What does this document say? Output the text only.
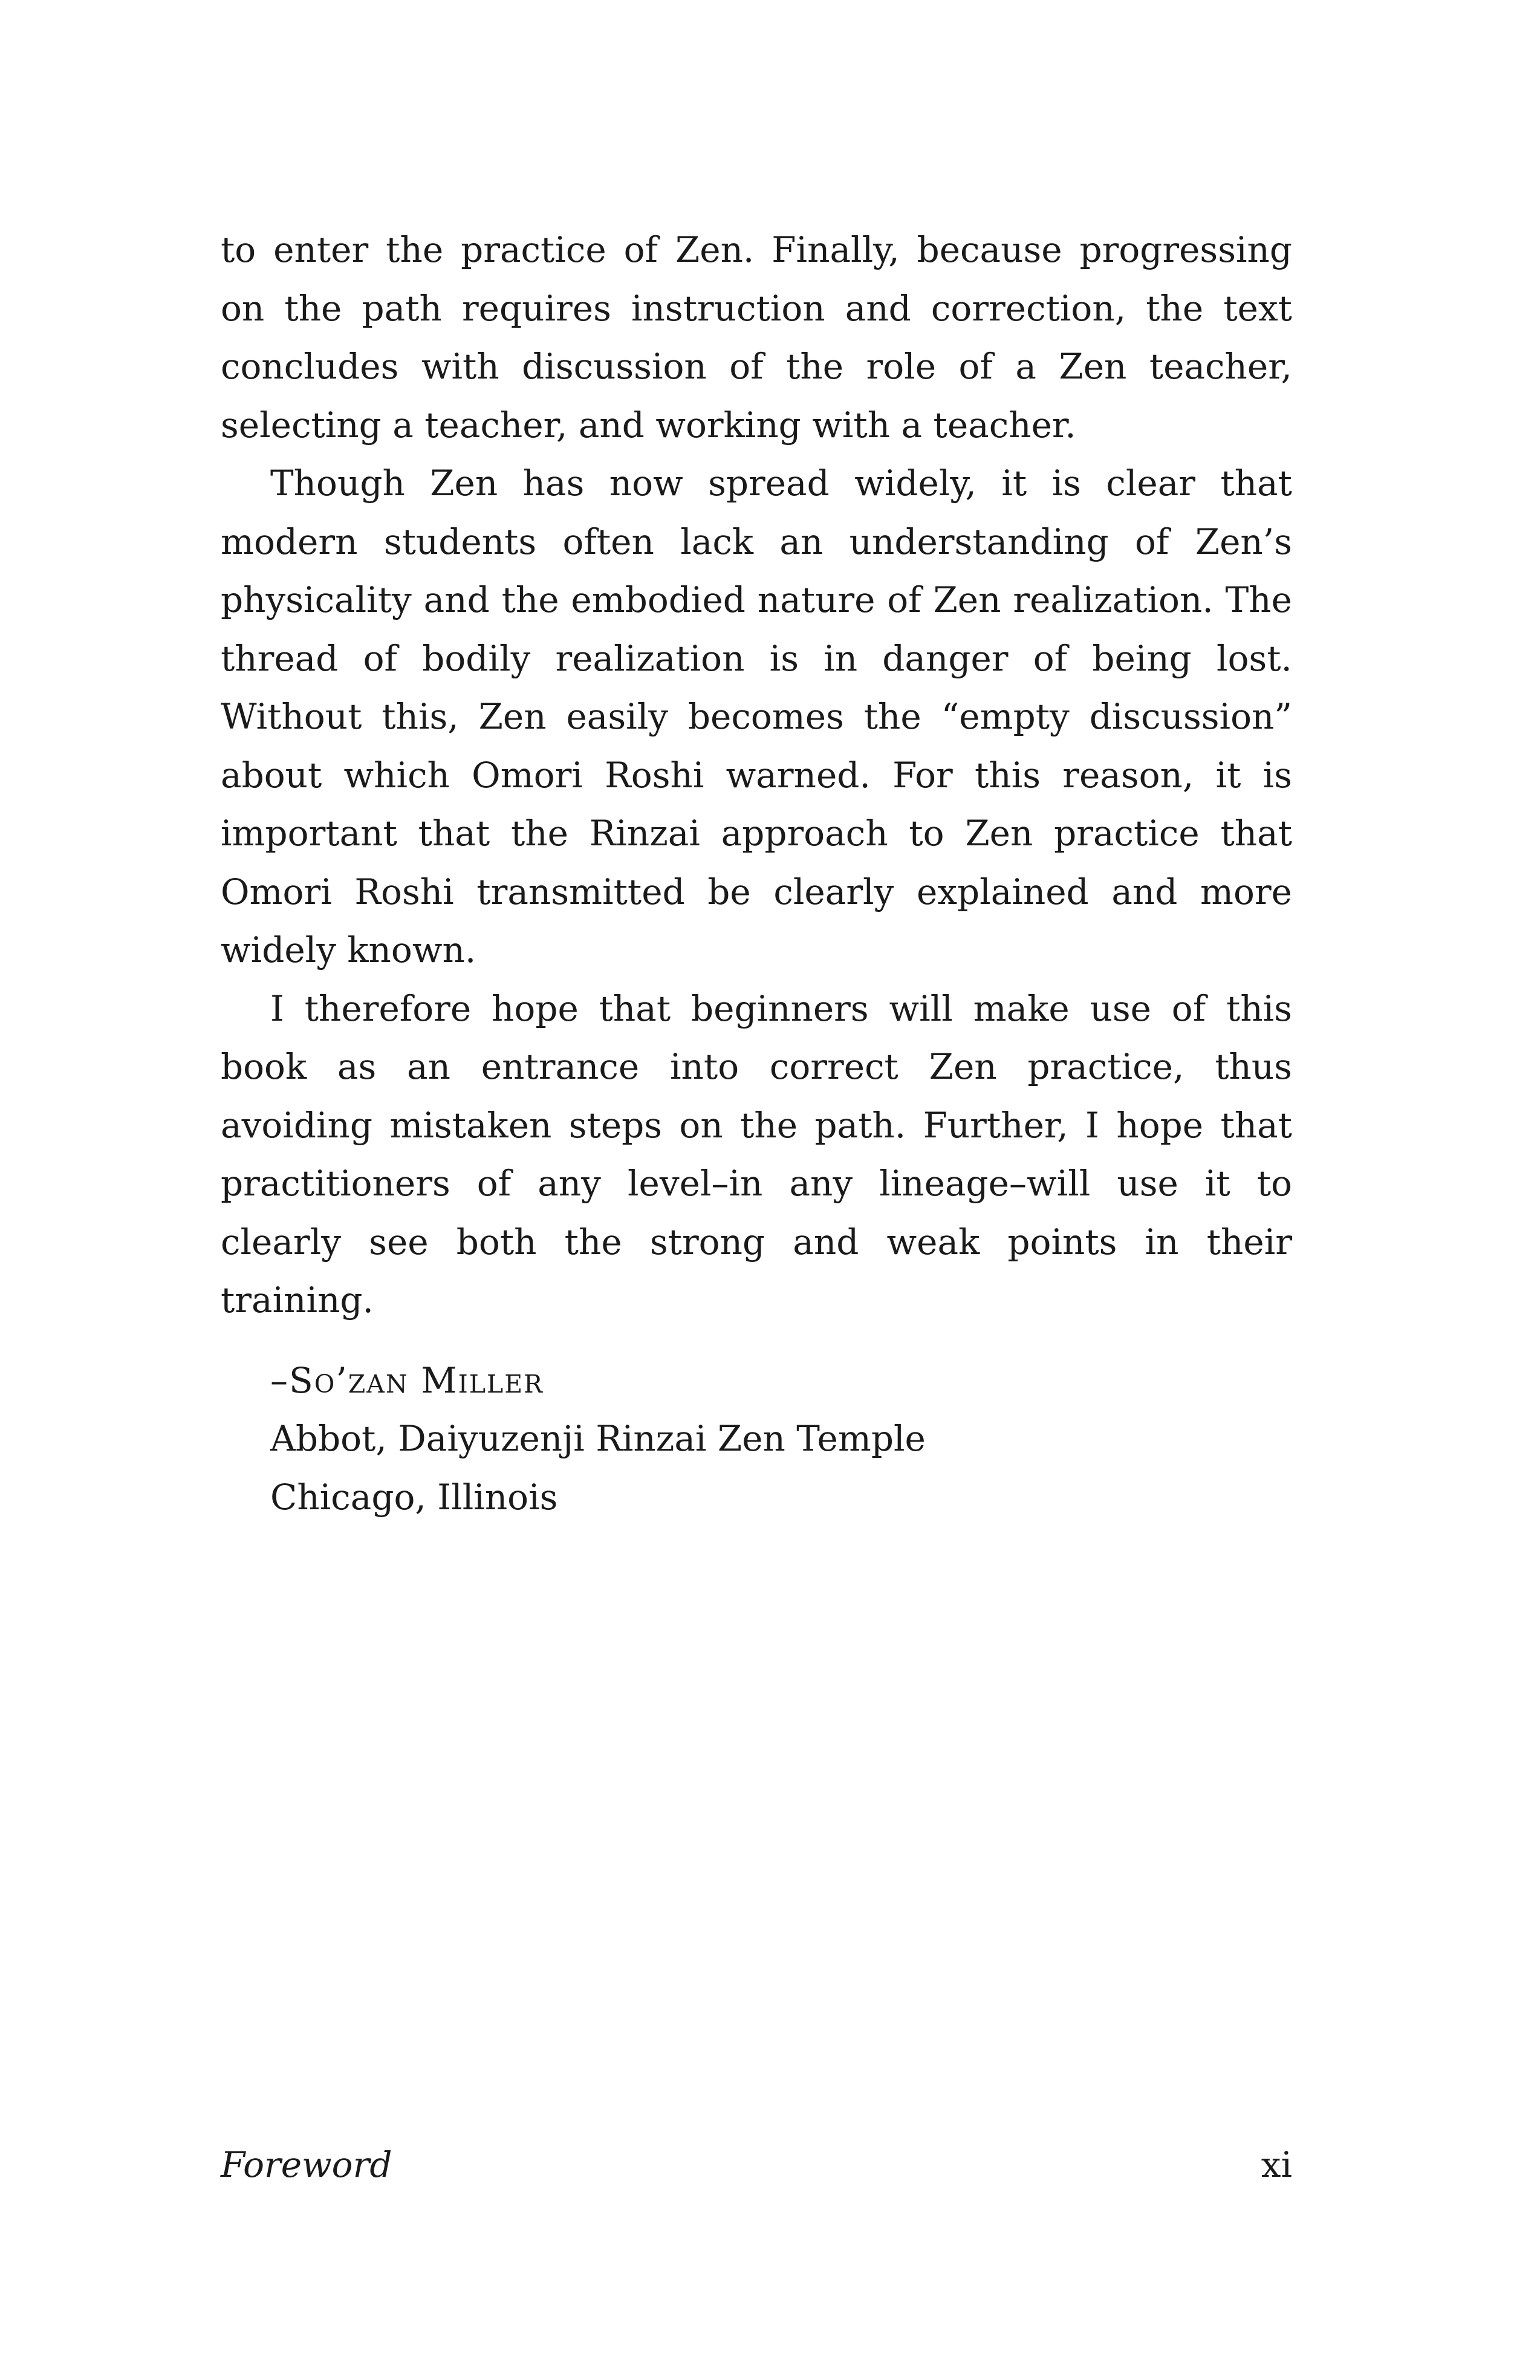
to enter the practice of Zen. Finally, because progressing on the path requires instruction and correction, the text concludes with discussion of the role of a Zen teacher, selecting a teacher, and working with a teacher.

Though Zen has now spread widely, it is clear that modern students often lack an understanding of Zen’s physicality and the embodied nature of Zen realization. The thread of bodily realization is in danger of being lost. Without this, Zen easily becomes the “empty discussion” about which Omori Roshi warned. For this reason, it is important that the Rinzai approach to Zen practice that Omori Roshi transmitted be clearly explained and more widely known.

I therefore hope that beginners will make use of this book as an entrance into correct Zen practice, thus avoiding mistaken steps on the path. Further, I hope that practitioners of any level–in any lineage–will use it to clearly see both the strong and weak points in their training.

–So’zan Miller
Abbot, Daiyuzenji Rinzai Zen Temple
Chicago, Illinois
Foreword	xi
